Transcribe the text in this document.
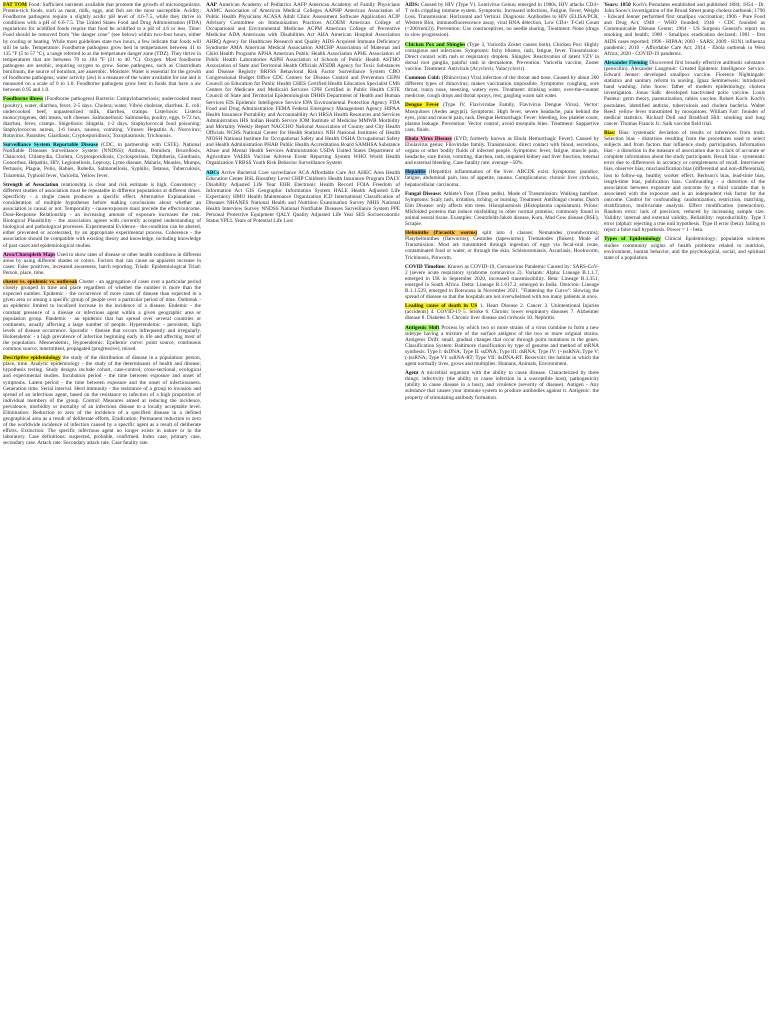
FAT TOM Food: Sufficient nutrients available that promote the growth of microorganisms. Protein-rich foods, such as meat, milk, eggs, and fish are the most susceptible. Acidity: Foodborne pathogens require a slightly acidic pH level of 4.6-7.5, while they thrive in conditions with a pH of 6.6-7.5. The United States Food and Drug Administration (FDA) regulations for acidified foods require that food be acidified to a pH of 4.6 or less. Time: Food should be removed from "the danger zone" (see below) within two-four hours, either by cooling or heating. While most guidelines state two hours, a few indicate that foods will still be safe. Temperature: Foodborne pathogens grow best in temperatures between 41 to 135 °F (5 to 57 °C), a range referred to as the temperature danger zone (TDZ). They thrive in temperatures that are between 70 to 104 °F (21 to 40 °C). Oxygen: Most foodborne pathogens are aerobic, requiring oxygen to grow. Some pathogens, such as Clostridium botulinum, the source of botulism, are anaerobic. Moisture: Water is essential for the growth of foodborne pathogens; water activity (aw) is a measure of the water available for use and is measured on a scale of 0 to 1.0. Foodborne pathogens grow best in foods that have a aw between 0.95 and 1.0.

Foodborne illness (Foodborne pathogens) Bacteria: Campylobacteriosis; undercooked meat (poultry), water, diarrhea, fever, 2-5 days. Cholera; water, Vibrio cholerae, diarrhea. E. coli: undercooked beef, unpasteurized milk, diarrhea, cramps. Listeriosis: Listeria monocytogenes, deli meats, soft cheeses. Salmonellosis: Salmonella, poultry, eggs, 6-72 hrs, diarrhea, fever, cramps. Shigellosis: Shigella, 1-2 days. Staphylococcal food poisoning: Staphylococcus aureus, 1-6 hours, nausea, vomiting. Viruses: Hepatitis A; Norovirus; Rotavirus. Parasites: Giardiasis; Cryptosporidiosis; Toxoplasmosis; Trichinosis.

Surveillance System Reportable Disease (CDC, in partnership with CSTE). National Notifiable Diseases Surveillance System (NNDSS); Anthrax, Botulism, Brucellosis, Chancroid, Chlamydia, Cholera, Cryptosporidiosis, Cyclosporiasis, Diphtheria, Giardiasis, Gonorrhea, Hepatitis, HIV, Legionellosis, Leprosy, Lyme disease, Malaria, Measles, Mumps, Pertussis, Plague, Polio, Rabies, Rubella, Salmonellosis, Syphilis, Tetanus, Tuberculosis, Tularemia, Typhoid fever, Varicella, Yellow fever.

Strength of Association relationship is clear and risk estimate is high. Consistency - different studies of association must be repeatable in different populations at different times. Specificity - a single cause produces a specific effect. Alternative Explanations - consideration of multiple hypotheses before making conclusions about whether an association is causal or not. Temporality - cause/exposure must precede the effect/outcome. Dose-Response Relationship - an increasing amount of exposure increases the risk. Biological Plausibility - the association agrees with currently accepted understanding of biological and pathological processes. Experimental Evidence - the condition can be altered, either prevented or accelerated, by an appropriate experimental process. Coherence - the association should be compatible with existing theory and knowledge, including knowledge of past cases and epidemiological studies.

Area/Choropleth Maps Used to show rates of disease or other health conditions in different areas by using different shades or colors. Factors that can cause an apparent increase in cases: False positives, increased awareness, batch reporting. Triads: Epidemiological Triad: Person, place, time.

cluster vs. epidemic vs. outbreak Cluster - an aggregation of cases over a particular period closely grouped in time and place regardless of whether the number is more than the expected number. Epidemic - the occurrence of more cases of disease than expected in a given area or among a specific group of people over a particular period of time. Outbreak - an epidemic limited to localized increase in the incidence of a disease. Endemic - the constant presence of a disease or infectious agent within a given geographic area or population group. Pandemic - an epidemic that has spread over several countries or continents, usually affecting a large number of people. Hyperendemic - persistent, high levels of disease occurrence. Sporadic - disease that occurs infrequently and irregularly. Holoendemic - a high prevalence of infection beginning early in life and affecting most of the population. Mesoendemic, Hypoendemic. Epidemic curve: point source, continuous common source, intermittent, propagated (progressive), mixed.

Descriptive epidemiology the study of the distribution of disease in a population: person, place, time. Analytic epidemiology - the study of the determinants of health and disease; hypothesis testing. Study designs include cohort, case-control, cross-sectional, ecological and experimental studies. Incubation period - the time between exposure and onset of symptoms. Latent period - the time between exposure and the onset of infectiousness. Generation time. Serial interval. Herd immunity - the resistance of a group to invasion and spread of an infectious agent, based on the resistance to infection of a high proportion of individual members of the group. Control: Measures aimed at reducing the incidence, prevalence, morbidity or mortality of an infectious disease to a locally acceptable level. Elimination: Reduction to zero of the incidence of a specified disease in a defined geographical area as a result of deliberate efforts. Eradication: Permanent reduction to zero of the worldwide incidence of infection caused by a specific agent as a result of deliberate efforts. Extinction: The specific infectious agent no longer exists in nature or in the laboratory. Case definitions: suspected, probable, confirmed. Index case, primary case, secondary case. Attack rate. Secondary attack rate. Case fatality rate.

AAP American Academy of Pediatrics AAFP American Academy of Family Physicians AAMC Association of American Medical Colleges AAPHP American Association of Public Health Physicians ACASA Adult Clinic Assessment Software Application ACIP Advisory Committee on Immunization Practices ACOEM American College of Occupational and Environmental Medicine ACPM American College of Preventive Medicine ADA Americans with Disabilities Act AHA American Hospital Association AHRQ Agency for Healthcare Research and Quality AIDS Acquired Immune Deficiency Syndrome AMA American Medical Association AMCHP Association of Maternal and Child Health Programs APHA American Public Health Association APHL Association of Public Health Laboratories ASPH Association of Schools of Public Health ASTHO Association of State and Territorial Health Officials ATSDR Agency for Toxic Substances and Disease Registry BRFSS Behavioral Risk Factor Surveillance System CBO Congressional Budget Office CDC Centers for Disease Control and Prevention CEPH Council on Education for Public Health CHES Certified Health Education Specialist CMS Centers for Medicare and Medicaid Services CPH Certified in Public Health CSTE Council of State and Territorial Epidemiologists DHHS Department of Health and Human Services EIS Epidemic Intelligence Service EPA Environmental Protection Agency FDA Food and Drug Administration FEMA Federal Emergency Management Agency HIPAA Health Insurance Portability and Accountability Act HRSA Health Resources and Services Administration IHS Indian Health Service IOM Institute of Medicine MMWR Morbidity and Mortality Weekly Report NACCHO National Association of County and City Health Officials NCHS National Center for Health Statistics NIH National Institutes of Health NIOSH National Institute for Occupational Safety and Health OSHA Occupational Safety and Health Administration PHAB Public Health Accreditation Board SAMHSA Substance Abuse and Mental Health Services Administration USDA United States Department of Agriculture VAERS Vaccine Adverse Event Reporting System WHO World Health Organization YRBSS Youth Risk Behavior Surveillance System

ABCs Active Bacterial Core surveillance ACA Affordable Care Act AHEC Area Health Education Center BSL Biosafety Level CHIP Children's Health Insurance Program DALY Disability Adjusted Life Year EHR Electronic Health Record FOIA Freedom of Information Act GIS Geographic Information System HALE Health Adjusted Life Expectancy HMO Health Maintenance Organization ICD International Classification of Diseases NHANES National Health and Nutrition Examination Survey NHIS National Health Interview Survey NNDSS National Notifiable Diseases Surveillance System PPE Personal Protective Equipment QALY Quality Adjusted Life Year SES Socioeconomic Status YPLL Years of Potential Life Lost

AIDS: Caused by HIV (Type V). Lentivirus Genus; emerged in 1980s, HIV attacks CD4+ T cells crippling immune system. Symptoms: Increased infections, Fatigue, Fever, Weight Loss. Transmission: Horizontal and Vertical. Diagnosis: Antibodies to HIV (ELISA/PCR, Western Blot, immunofluorescence assay, viral RNA detection, Low CD4+ T-Cell Count (<200/mm3)). Prevention: Use contraceptives, no needle sharing. Treatment: None (drugs to slow progression).

Chicken Pox and Shingles (Type 3, Varicella Zoster causes both). Chicken Pox: Highly contagious and infectious. Symptoms: Itchy blisters, rash, fatigue, fever. Transmission: Direct contact with rash or respiratory droplets. Shingles: Reactivation of latent VZV in dorsal root ganglia, painful rash in dermatome. Prevention: Varicella vaccine, Zoster vaccine. Treatment: Antivirals (Acyclovir, Valacyclovir).

Common Cold: (Rhinovirus) Viral infection of the throat and nose. Caused by about 200 different types of rhinovirus; makes vaccination impossible. Symptoms: coughing, sore throat, runny nose, sneezing, watery eyes. Treatment: drinking water, over-the-counter medicine, cough drops and throat sprays, rest, gargling warm salt water.

Dengue Fever (Type IV, Flaviviridae Family, Flavivirus Dengue Virus). Vector: Mosquitoes (Aedes aegypti). Symptoms: High fever, severe headache, pain behind the eyes, joint and muscle pain, rash. Dengue Hemorrhagic Fever: bleeding, low platelet count, plasma leakage. Prevention: Vector control, avoid mosquito bites. Treatment: Supportive care, fluids.

Ebola Virus Disease (EVD; formerly known as Ebola Hemorrhagic Fever). Caused by Ebolavirus genus; Filoviridae family. Transmission: direct contact with blood, secretions, organs or other bodily fluids of infected people. Symptoms: fever, fatigue, muscle pain, headache, sore throat, vomiting, diarrhea, rash, impaired kidney and liver function, internal and external bleeding. Case fatality rate: average ~50%.

Hepatitis (Hepatitis) inflammation of the liver. ABCDE exist. Symptoms: jaundice, fatigue, abdominal pain, loss of appetite, nausea. Complications: chronic liver cirrhosis, hepatocellular carcinoma.

Fungal Disease: Athlete's Foot (Tinea pedis). Mode of Transmission: Walking barefoot. Symptoms: Scaly rash, irritation, itching, or burning. Treatment: Antifungal creams. Dutch Elm Disease: only affects elm trees. Histoplasmosis (Histoplasma capsulatum). Prions: Misfolded proteins that induce misfolding in other normal proteins; commonly found in animal neural tissue. Examples: Creutzfeldt-Jakob disease, Kuru, Mad Cow disease (BSE), Scrapie.

Helminths (Parasitic worms) split into 4 classes: Nematodes (roundworms); Platyhelminthes (flatworms); Cestodes (tapeworms); Trematodes (flukes). Mode of Transmission: Most are transmitted through ingestion of eggs via fecal-oral route, contaminated food or water, or through the skin. Schistosomiasis, Ascariasis, Hookworm, Trichinosis, Pinworm.

COVID Timeline: Known as COVID-19, Coronavirus Pandemic Caused by: SARS-CoV-2 (severe acute respiratory syndrome coronavirus 2). Variants: Alpha: Lineage B.1.1.7, emerged in UK in September 2020, increased transmissibility. Beta: Lineage B.1.351, emerged in South Africa. Delta: Lineage B.1.617.2, emerged in India. Omicron: Lineage B.1.1.529, emerged in Botswana in November 2021. "Flattening the Curve": Slowing the spread of disease so that the hospitals are not overwhelmed with too many patients at once.

Leading cause of death in US 1. Heart Disease 2. Cancer 3. Unintentional Injuries (accidents) 4. COVID-19 5. Stroke 6. Chronic lower respiratory diseases 7. Alzheimer disease 8. Diabetes 9. Chronic liver disease and cirrhosis 10. Nephritis.

Antigenic Shift Process by which two or more strains of a virus combine to form a new subtype having a mixture of the surface antigens of the two or more original strains. Antigenic Drift: small, gradual changes that occur through point mutations in the genes. Classification System: Baltimore classification by type of genome and method of mRNA synthesis: Type I: dsDNA; Type II: ssDNA; Type III: dsRNA; Type IV: (+)ssRNA; Type V: (-)ssRNA; Type VI: ssRNA-RT; Type VII: dsDNA-RT. Reservoir: the habitat in which the agent normally lives, grows and multiplies: Humans, Animals, Environment.

Agent A microbial organism with the ability to cause disease. Characterized by three things: infectivity (the ability to cause infection in a susceptible host), pathogenicity (ability to cause disease in a host), and virulence (severity of disease). Antigen - Any substance that causes your immune system to produce antibodies against it. Antigenic: the property of stimulating antibody formation.

Years: 1850 Koch's Postulates established and published 1884; 1854 - Dr. John Snow's investigation of the Broad Street pump cholera outbreak; 1796 - Edward Jenner performed first smallpox vaccination; 1906 - Pure Food and Drug Act; 1948 - WHO founded; 1946 - CDC founded as Communicable Disease Center; 1964 - US Surgeon General's report on smoking and health; 1980 - Smallpox eradication declared; 1981 - first AIDS cases reported; 1996 - HIPAA; 2003 - SARS; 2009 - H1N1 influenza pandemic; 2010 - Affordable Care Act; 2014 - Ebola outbreak in West Africa; 2020 - COVID-19 pandemic.

Alexander Fleming Discovered first broadly effective antibiotic substance (penicillin). Alexander Langmuir: Created Epidemic Intelligence Service. Edward Jenner: developed smallpox vaccine. Florence Nightingale: statistics and sanitary reform in nursing. Ignaz Semmelweis: introduced hand washing. John Snow: father of modern epidemiology, cholera investigation. Jonas Salk: developed inactivated polio vaccine. Louis Pasteur: germ theory, pasteurization, rabies vaccine. Robert Koch: Koch's postulates, identified anthrax, tuberculosis and cholera bacteria. Walter Reed: yellow fever transmitted by mosquitoes. William Farr: founder of medical statistics. Richard Doll and Bradford Hill: smoking and lung cancer. Thomas Francis Jr.: Salk vaccine field trial.

Bias: Bias: systematic deviation of results or inferences from truth. Selection bias - distortion resulting from the procedures used to select subjects and from factors that influence study participation. Information bias - a distortion in the measure of association due to a lack of accurate or complete information about the study participants. Recall bias - systematic error due to differences in accuracy or completeness of recall. Interviewer bias, observer bias, misclassification bias (differential and non-differential), loss to follow-up, healthy worker effect, Berkson's bias, lead-time bias, length-time bias, publication bias. Confounding - a distortion of the association between exposure and outcome by a third variable that is associated with the exposure and is an independent risk factor for the outcome. Control for confounding: randomization, restriction, matching, stratification, multivariate analysis. Effect modification (interaction). Random error: lack of precision; reduced by increasing sample size. Validity: internal and external validity. Reliability: reproducibility. Type I error (alpha): rejecting a true null hypothesis. Type II error (beta): failing to reject a false null hypothesis. Power = 1 - beta.

Types of Epidemiology Clinical Epidemiology; population sciences studies community origins of health problems related to nutrition, environment, human behavior, and the psychological, social, and spiritual state of a population.
